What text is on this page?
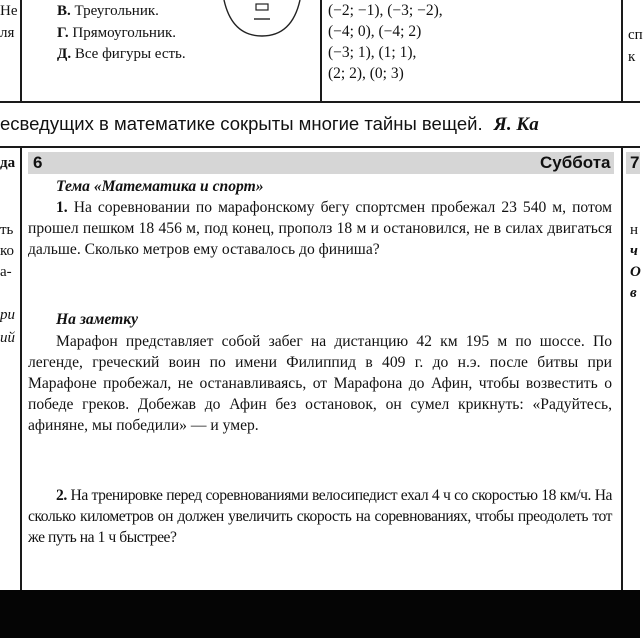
Не
ля
В. Треугольник.
Г. Прямоугольник.
Д. Все фигуры есть.
(−2; −1), (−3; −2),
(−4; 0), (−4; 2)
(−3; 1), (1; 1),
(2; 2), (0; 3)
сп
к
есведущих в математике сокрыты многие тайны вещей. Я. Ка
да
ть
ко
а-
ри
ий
н
ч
О
в
6	Суббота 7
Тема «Математика и спорт»
1. На соревновании по марафонскому бегу спортсмен пробежал 23 540 м, потом прошел пешком 18 456 м, под конец, прополз 18 м и остановился, не в силах двигаться дальше. Сколько метров ему оставалось до финиша?
На заметку
Марафон представляет собой забег на дистанцию 42 км 195 м по шоссе. По легенде, греческий воин по имени Филиппид в 409 г. до н.э. после битвы при Марафоне пробежал, не останавливаясь, от Марафона до Афин, чтобы возвестить о победе греков. Добежав до Афин без остановок, он сумел крикнуть: «Радуйтесь, афиняне, мы победили» — и умер.
2. На тренировке перед соревнованиями велосипедист ехал 4 ч со скоростью 18 км/ч. На сколько километров он должен увеличить скорость на соревнованиях, чтобы преодолеть тот же путь на 1 ч быстрее?
